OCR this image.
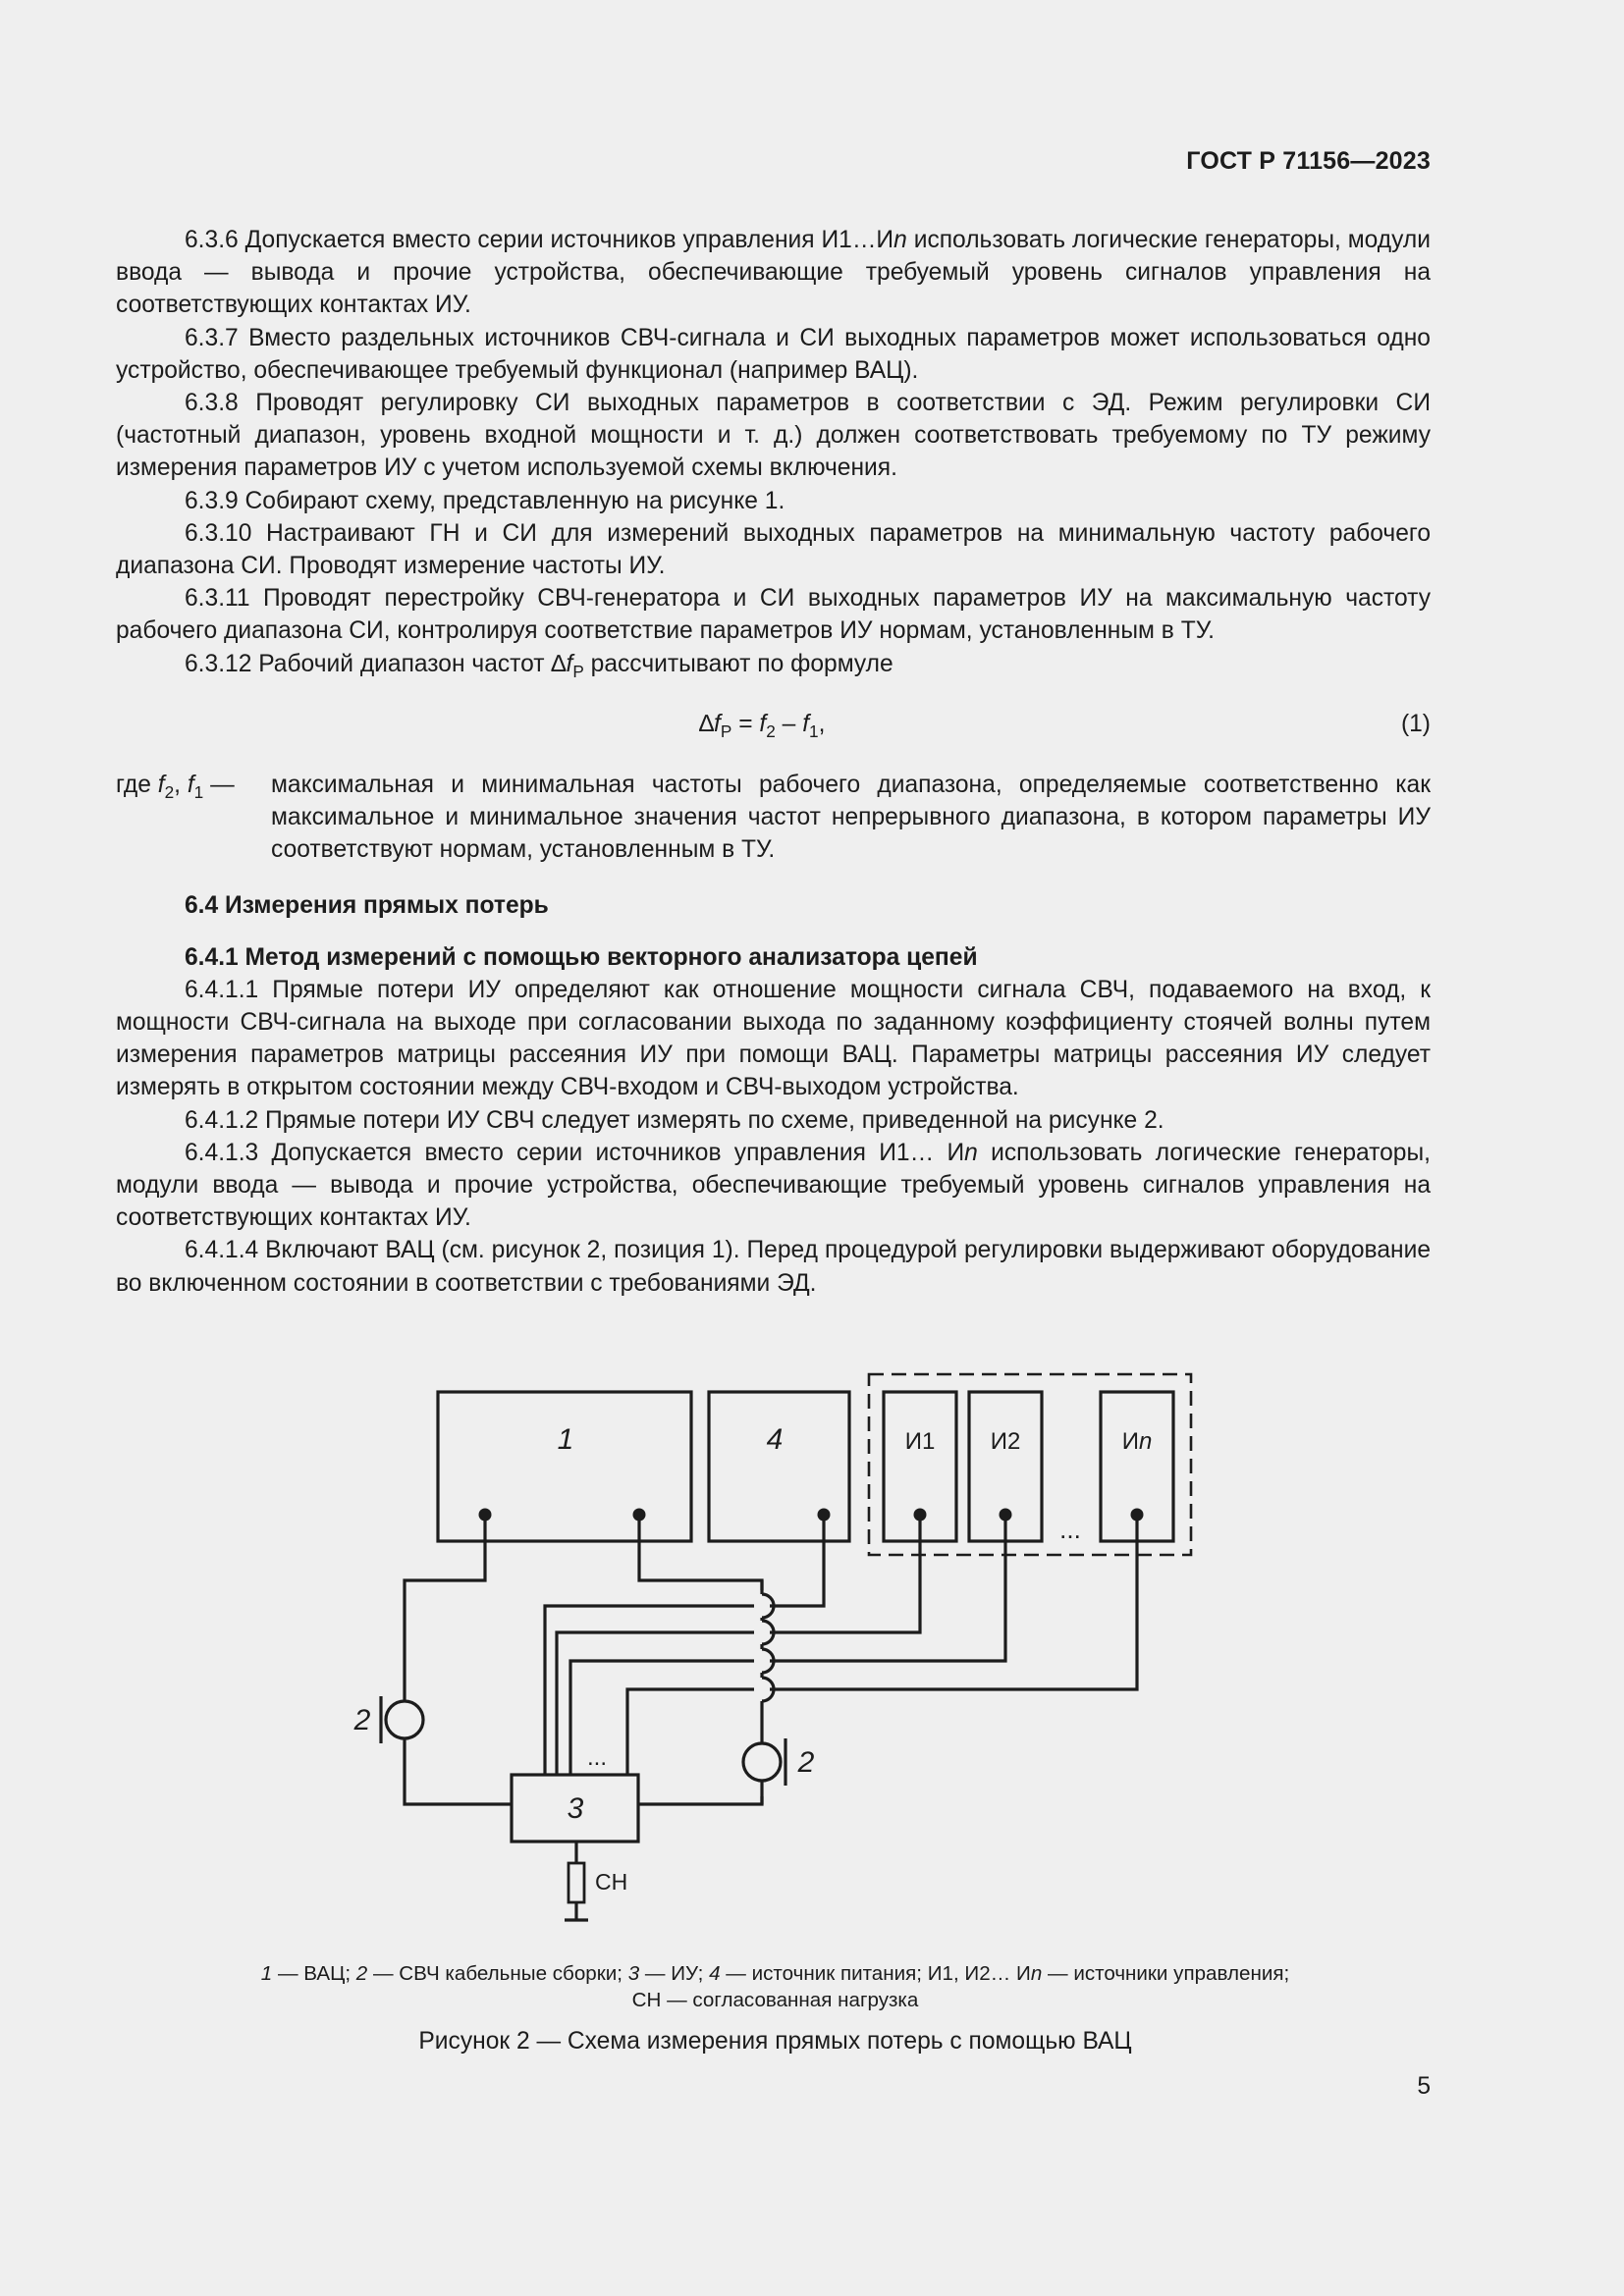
ГОСТ Р 71156—2023

6.3.6 Допускается вместо серии источников управления И1…Иn использовать логические генераторы, модули ввода — вывода и прочие устройства, обеспечивающие требуемый уровень сигналов управления на соответствующих контактах ИУ.

6.3.7 Вместо раздельных источников СВЧ-сигнала и СИ выходных параметров может использоваться одно устройство, обеспечивающее требуемый функционал (например ВАЦ).

6.3.8 Проводят регулировку СИ выходных параметров в соответствии с ЭД. Режим регулировки СИ (частотный диапазон, уровень входной мощности и т. д.) должен соответствовать требуемому по ТУ режиму измерения параметров ИУ с учетом используемой схемы включения.

6.3.9 Собирают схему, представленную на рисунке 1.

6.3.10 Настраивают ГН и СИ для измерений выходных параметров на минимальную частоту рабочего диапазона СИ. Проводят измерение частоты ИУ.

6.3.11 Проводят перестройку СВЧ-генератора и СИ выходных параметров ИУ на максимальную частоту рабочего диапазона СИ, контролируя соответствие параметров ИУ нормам, установленным в ТУ.

6.3.12 Рабочий диапазон частот $\Delta f_Р$ рассчитывают по формуле

$\Delta f_Р = f_2 - f_1$,	(1)
где $f_2$, $f_1$ —	максимальная и минимальная частоты рабочего диапазона, определяемые соответственно как максимальное и минимальное значения частот непрерывного диапазона, в котором параметры ИУ соответствуют нормам, установленным в ТУ.

6.4 Измерения прямых потерь

6.4.1 Метод измерений с помощью векторного анализатора цепей

6.4.1.1 Прямые потери ИУ определяют как отношение мощности сигнала СВЧ, подаваемого на вход, к мощности СВЧ-сигнала на выходе при согласовании выхода по заданному коэффициенту стоячей волны путем измерения параметров матрицы рассеяния ИУ при помощи ВАЦ. Параметры матрицы рассеяния ИУ следует измерять в открытом состоянии между СВЧ-входом и СВЧ-выходом устройства.

6.4.1.2 Прямые потери ИУ СВЧ следует измерять по схеме, приведенной на рисунке 2.

6.4.1.3 Допускается вместо серии источников управления И1… Иn использовать логические генераторы, модули ввода — вывода и прочие устройства, обеспечивающие требуемый уровень сигналов управления на соответствующих контактах ИУ.

6.4.1.4 Включают ВАЦ (см. рисунок 2, позиция 1). Перед процедурой регулировки выдерживают оборудование во включенном состоянии в соответствии с требованиями ЭД.

1	4	И1 И2	Иn
...
...
3
2
2
СН
1 — ВАЦ; 2 — СВЧ кабельные сборки; 3 — ИУ; 4 — источник питания; И1, И2… Иn — источники управления;
СН — согласованная нагрузка
Рисунок 2 — Схема измерения прямых потерь с помощью ВАЦ
5
